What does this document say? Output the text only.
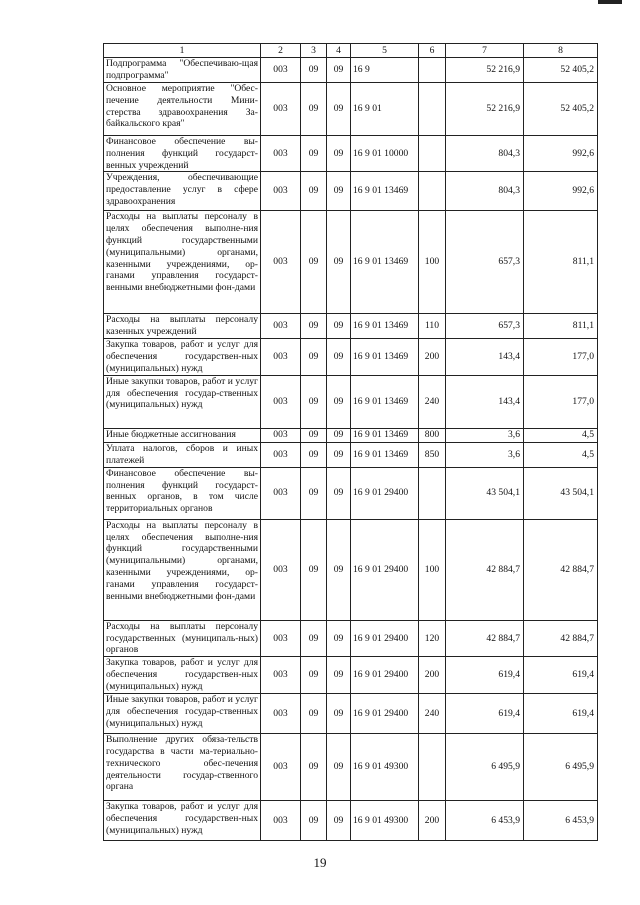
1	2	3	4	5	6	7	8
Подпрограмма "Обеспечиваю-щая подпрограмма"	003	09	09	16 9		52 216,9	52 405,2
Основное мероприятие "Обес-печение деятельности Мини-стерства здравоохранения За-байкальского края"	003	09	09	16 9 01		52 216,9	52 405,2
Финансовое обеспечение вы-полнения функций государст-венных учреждений	003	09	09	16 9 01 10000		804,3	992,6
Учреждения, обеспечивающие предоставление услуг в сфере здравоохранения	003	09	09	16 9 01 13469		804,3	992,6
Расходы на выплаты персоналу в целях обеспечения выполне-ния функций государственными (муниципальными) органами, казенными учреждениями, ор-ганами управления государст-венными внебюджетными фон-дами	003	09	09	16 9 01 13469	100	657,3	811,1
Расходы на выплаты персоналу казенных учреждений	003	09	09	16 9 01 13469	110	657,3	811,1
Закупка товаров, работ и услуг для обеспечения государствен-ных (муниципальных) нужд	003	09	09	16 9 01 13469	200	143,4	177,0
Иные закупки товаров, работ и услуг для обеспечения государ-ственных (муниципальных) нужд	003	09	09	16 9 01 13469	240	143,4	177,0
Иные бюджетные ассигнования	003	09	09	16 9 01 13469	800	3,6	4,5
Уплата налогов, сборов и иных платежей	003	09	09	16 9 01 13469	850	3,6	4,5
Финансовое обеспечение вы-полнения функций государст-венных органов, в том числе территориальных органов	003	09	09	16 9 01 29400		43 504,1	43 504,1
Расходы на выплаты персоналу в целях обеспечения выполне-ния функций государственными (муниципальными) органами, казенными учреждениями, ор-ганами управления государст-венными внебюджетными фон-дами	003	09	09	16 9 01 29400	100	42 884,7	42 884,7
Расходы на выплаты персоналу государственных (муниципаль-ных) органов	003	09	09	16 9 01 29400	120	42 884,7	42 884,7
Закупка товаров, работ и услуг для обеспечения государствен-ных (муниципальных) нужд	003	09	09	16 9 01 29400	200	619,4	619,4
Иные закупки товаров, работ и услуг для обеспечения государ-ственных (муниципальных) нужд	003	09	09	16 9 01 29400	240	619,4	619,4
Выполнение других обяза-тельств государства в части ма-териально-технического обес-печения деятельности государ-ственного органа	003	09	09	16 9 01 49300		6 495,9	6 495,9
Закупка товаров, работ и услуг для обеспечения государствен-ных (муниципальных) нужд	003	09	09	16 9 01 49300	200	6 453,9	6 453,9
19
